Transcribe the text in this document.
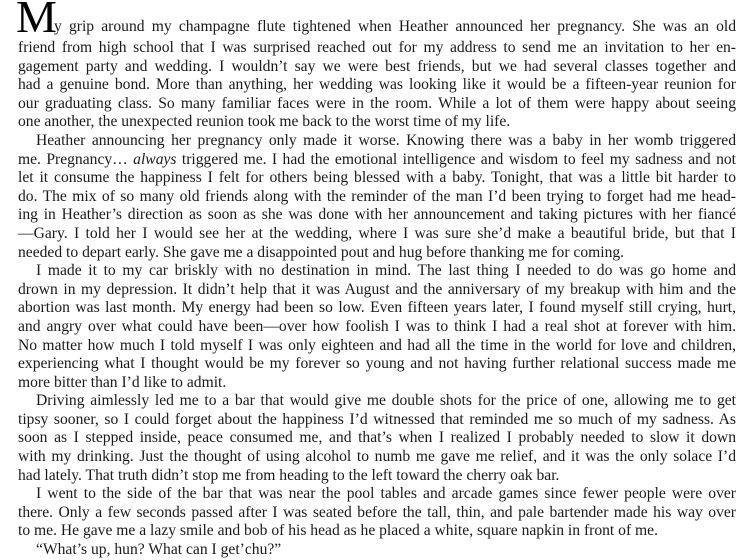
M
y grip around my champagne flute tightened when Heather announced her pregnancy. She was an old
friend from high school that I was surprised reached out for my address to send me an invitation to her en-
gagement party and wedding. I wouldn’t say we were best friends, but we had several classes together and
had a genuine bond. More than anything, her wedding was looking like it would be a fifteen-year reunion for
our graduating class. So many familiar faces were in the room. While a lot of them were happy about seeing
one another, the unexpected reunion took me back to the worst time of my life.
Heather announcing her pregnancy only made it worse. Knowing there was a baby in her womb triggered
me. Pregnancy… always triggered me. I had the emotional intelligence and wisdom to feel my sadness and not
let it consume the happiness I felt for others being blessed with a baby. Tonight, that was a little bit harder to
do. The mix of so many old friends along with the reminder of the man I’d been trying to forget had me head-
ing in Heather’s direction as soon as she was done with her announcement and taking pictures with her fiancé
—Gary. I told her I would see her at the wedding, where I was sure she’d make a beautiful bride, but that I
needed to depart early. She gave me a disappointed pout and hug before thanking me for coming.
I made it to my car briskly with no destination in mind. The last thing I needed to do was go home and
drown in my depression. It didn’t help that it was August and the anniversary of my breakup with him and the
abortion was last month. My energy had been so low. Even fifteen years later, I found myself still crying, hurt,
and angry over what could have been—over how foolish I was to think I had a real shot at forever with him.
No matter how much I told myself I was only eighteen and had all the time in the world for love and children,
experiencing what I thought would be my forever so young and not having further relational success made me
more bitter than I’d like to admit.
Driving aimlessly led me to a bar that would give me double shots for the price of one, allowing me to get
tipsy sooner, so I could forget about the happiness I’d witnessed that reminded me so much of my sadness. As
soon as I stepped inside, peace consumed me, and that’s when I realized I probably needed to slow it down
with my drinking. Just the thought of using alcohol to numb me gave me relief, and it was the only solace I’d
had lately. That truth didn’t stop me from heading to the left toward the cherry oak bar.
I went to the side of the bar that was near the pool tables and arcade games since fewer people were over
there. Only a few seconds passed after I was seated before the tall, thin, and pale bartender made his way over
to me. He gave me a lazy smile and bob of his head as he placed a white, square napkin in front of me.
“What’s up, hun? What can I get’chu?”
